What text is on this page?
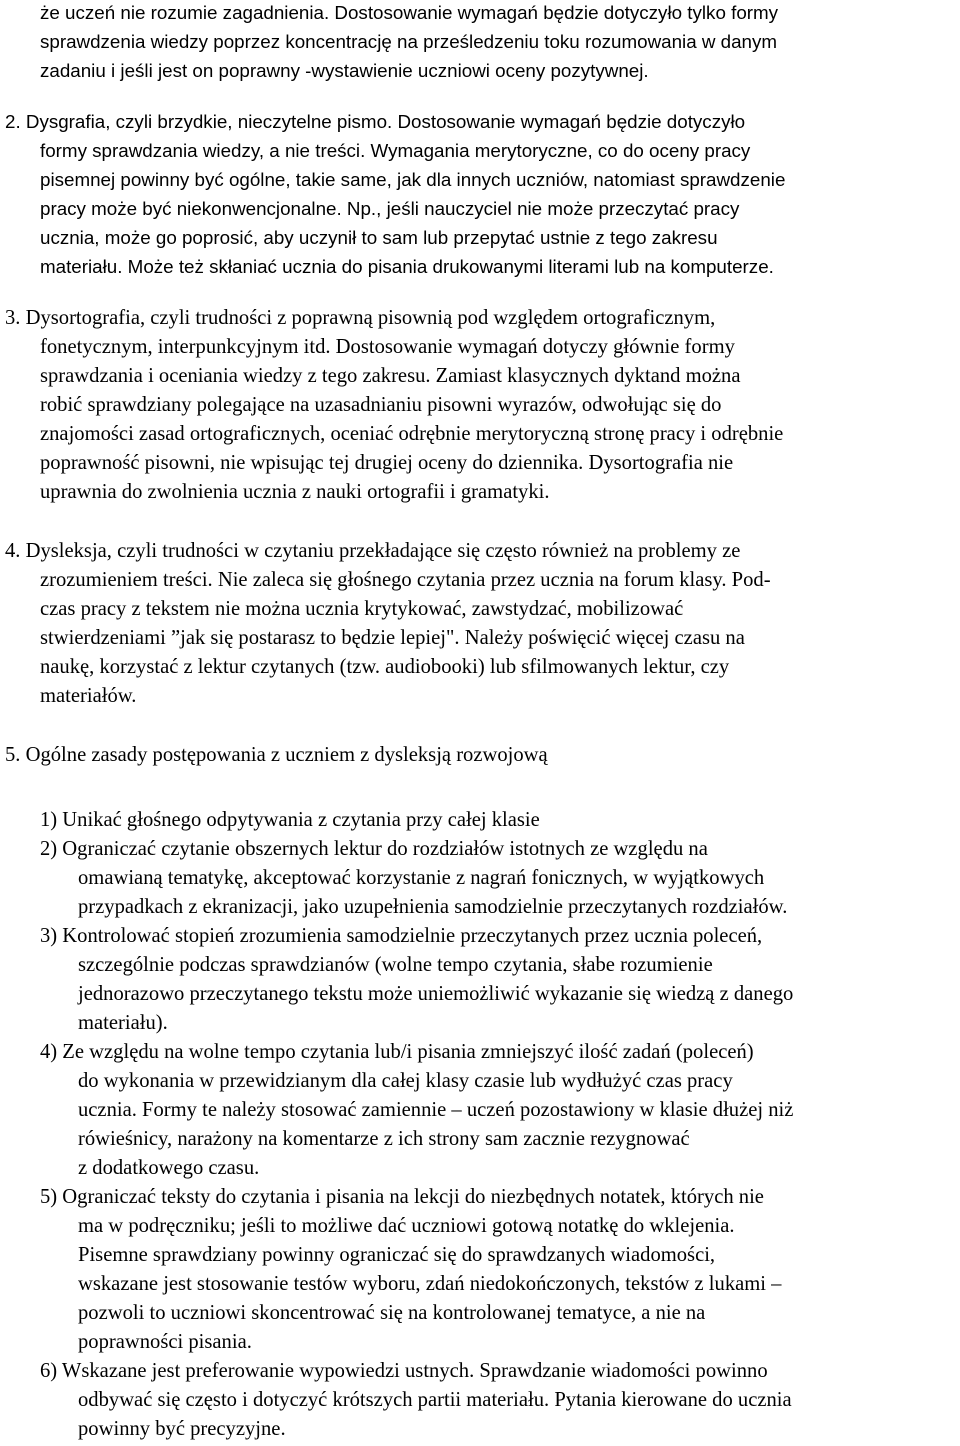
że uczeń nie rozumie zagadnienia. Dostosowanie wymagań będzie dotyczyło tylko formy
sprawdzenia wiedzy poprzez koncentrację na prześledzeniu toku rozumowania w danym
zadaniu i jeśli jest on poprawny -wystawienie uczniowi oceny pozytywnej.
2. Dysgrafia, czyli brzydkie, nieczytelne pismo. Dostosowanie wymagań będzie dotyczyło
formy sprawdzania wiedzy, a nie treści. Wymagania merytoryczne, co do oceny pracy
pisemnej powinny być ogólne, takie same, jak dla innych uczniów, natomiast sprawdzenie
pracy może być niekonwencjonalne. Np., jeśli nauczyciel nie może przeczytać pracy
ucznia, może go poprosić, aby uczynił to sam lub przepytać ustnie z tego zakresu
materiału. Może też skłaniać ucznia do pisania drukowanymi literami lub na komputerze.
3. Dysortografia, czyli trudności z poprawną pisownią pod względem ortograficznym,
fonetycznym, interpunkcyjnym itd. Dostosowanie wymagań dotyczy głównie formy
sprawdzania i oceniania wiedzy z tego zakresu. Zamiast klasycznych dyktand można
robić sprawdziany polegające na uzasadnianiu pisowni wyrazów, odwołując się do
znajomości zasad ortograficznych, oceniać odrębnie merytoryczną stronę pracy i odrębnie
poprawność pisowni, nie wpisując tej drugiej oceny do dziennika. Dysortografia nie
uprawnia do zwolnienia ucznia z nauki ortografii i gramatyki.
4. Dysleksja, czyli trudności w czytaniu przekładające się często również na problemy ze
zrozumieniem treści. Nie zaleca się głośnego czytania przez ucznia na forum klasy. Pod-
czas pracy z tekstem nie można ucznia krytykować, zawstydzać, mobilizować
stwierdzeniami ”jak się postarasz to będzie lepiej". Należy poświęcić więcej czasu na
naukę, korzystać z lektur czytanych (tzw. audiobooki) lub sfilmowanych lektur, czy
materiałów.
5. Ogólne zasady postępowania z uczniem z dysleksją rozwojową
1) Unikać głośnego odpytywania z czytania przy całej klasie
2) Ograniczać czytanie obszernych lektur do rozdziałów istotnych ze względu na
omawianą tematykę, akceptować korzystanie z nagrań fonicznych, w wyjątkowych
przypadkach z ekranizacji, jako uzupełnienia samodzielnie przeczytanych rozdziałów.
3) Kontrolować stopień zrozumienia samodzielnie przeczytanych przez ucznia poleceń,
szczególnie podczas sprawdzianów (wolne tempo czytania, słabe rozumienie
jednorazowo przeczytanego tekstu może uniemożliwić wykazanie się wiedzą z danego
materiału).
4) Ze względu na wolne tempo czytania lub/i pisania zmniejszyć ilość zadań (poleceń)
do wykonania w przewidzianym dla całej klasy czasie lub wydłużyć czas pracy
ucznia. Formy te należy stosować zamiennie – uczeń pozostawiony w klasie dłużej niż
rówieśnicy, narażony na komentarze z ich strony sam zacznie rezygnować
z dodatkowego czasu.
5) Ograniczać teksty do czytania i pisania na lekcji do niezbędnych notatek, których nie
ma w podręczniku; jeśli to możliwe dać uczniowi gotową notatkę do wklejenia.
Pisemne sprawdziany powinny ograniczać się do sprawdzanych wiadomości,
wskazane jest stosowanie testów wyboru, zdań niedokończonych, tekstów z lukami –
pozwoli to uczniowi skoncentrować się na kontrolowanej tematyce, a nie na
poprawności pisania.
6) Wskazane jest preferowanie wypowiedzi ustnych. Sprawdzanie wiadomości powinno
odbywać się często i dotyczyć krótszych partii materiału. Pytania kierowane do ucznia
powinny być precyzyjne.
